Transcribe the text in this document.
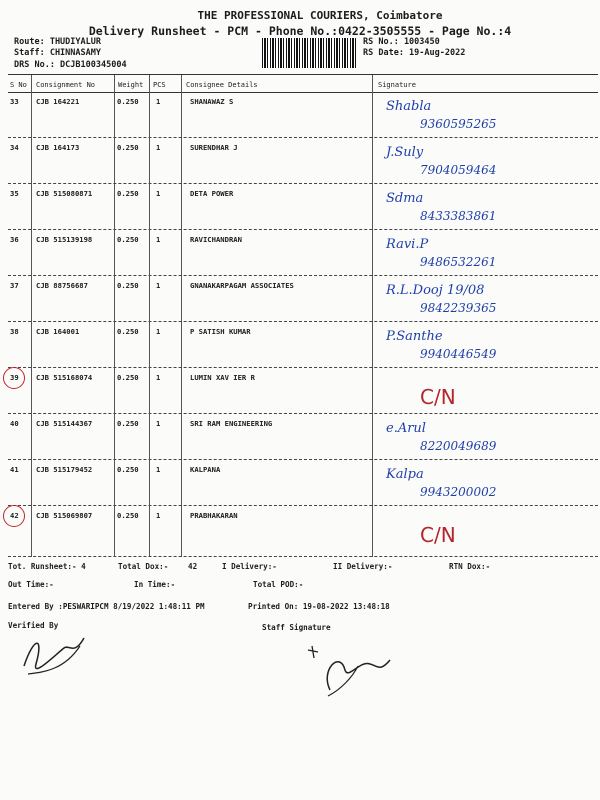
THE PROFESSIONAL COURIERS, Coimbatore
Delivery Runsheet - PCM - Phone No.:0422-3505555 - Page No.:4
Route: THUDIYALUR
Staff: CHINNASAMY
DRS No.: DCJB100345004
RS No.: 1003450
RS Date: 19-Aug-2022
S No Consignment No	Weight PCS	Consignee Details	Signature
33 CJB 164221	0.250 1	SHANAWAZ S	Shabla
9360595265
34 CJB 164173	0.250 1	SURENDHAR J	J.Suly
7904059464
35 CJB 515080871	0.250 1	DETA POWER	Sdma
8433383861
36 CJB 515139198	0.250 1	RAVICHANDRAN	Ravi.P
9486532261
37 CJB 88756687	0.250 1	GNANAKARPAGAM ASSOCIATES	R.L.Dooj 19/08
9842239365
38 CJB 164001	0.250 1	P SATISH KUMAR	P.Santhe
9940446549
39 CJB 515168074	0.250 1	LUMIN XAV IER R
C/N
40 CJB 515144367	0.250 1	SRI RAM ENGINEERING	e.Arul
8220049689
41 CJB 515179452	0.250 1	KALPANA	Kalpa
9943200002
42 CJB 515069807	0.250 1	PRABHAKARAN
C/N
Tot. Runsheet:- 4	Total Dox:-	42	I Delivery:-	II Delivery:-	RTN Dox:-
Out Time:-	In Time:-	Total POD:-
Entered By :PESWARIPCM 8/19/2022 1:48:11 PM	Printed On: 19-08-2022 13:48:18
Verified By	Staff Signature
